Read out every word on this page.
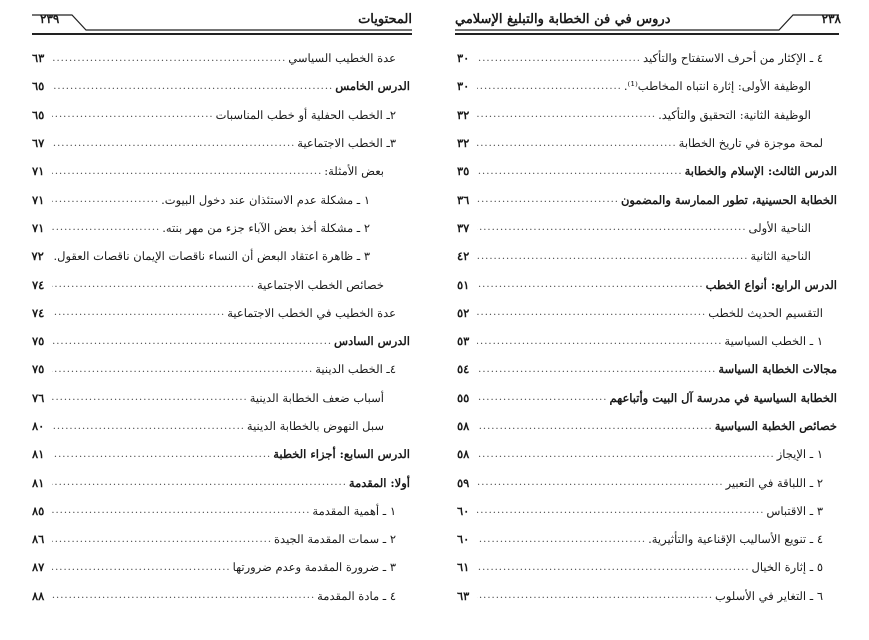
٢٣٩	المحتويات
عدة الخطيب السياسي
.....
٦٣
الدرس الخامس
.....
٦٥
٢ـ الخطب الحفلية أو خطب المناسبات
.....
٦٥
٣ـ الخطب الاجتماعية
.....
٦٧
بعض الأمثلة:
.....
٧١
١ ـ مشكلة عدم الاستئذان عند دخول البيوت.
.....
٧١
٢ ـ مشكلة أخذ بعض الآباء جزء من مهر بنته.
.....
٧١
٣ ـ ظاهرة اعتقاد البعض أن النساء ناقصات الإيمان ناقصات العقول.
٧٢
خصائص الخطب الاجتماعية
.....
٧٤
عدة الخطيب في الخطب الاجتماعية
.....
٧٤
الدرس السادس
.....
٧٥
٤ـ الخطب الدينية
.....
٧٥
أسباب ضعف الخطابة الدينية
.....
٧٦
سبل النهوض بالخطابة الدينية
.....
٨٠
الدرس السابع: أجزاء الخطبة
.....
٨١
أولا: المقدمة
.....
٨١
١ ـ أهمية المقدمة
.....
٨٥
٢ ـ سمات المقدمة الجيدة
.....
٨٦
٣ ـ ضرورة المقدمة وعدم ضرورتها
.....
٨٧
٤ ـ مادة المقدمة
.....
٨٨
٢٣٨
دروس في فن الخطابة والتبليغ الإسلامي
٤ ـ الإكثار من أحرف الاستفتاح والتأكيد
.....
٣٠
الوظيفة الأولى: إثارة انتباه المخاطب⁽¹⁾.
.....
٣٠
الوظيفة الثانية: التحقيق والتأكيد.
.....
٣٢
لمحة موجزة في تاريخ الخطابة
.....
٣٢
الدرس الثالث: الإسلام والخطابة
.....
٣٥
الخطابة الحسينية، تطور الممارسة والمضمون
.....
٣٦
الناحية الأولى
.....
٣٧
الناحية الثانية
.....
٤٢
الدرس الرابع: أنواع الخطب
.....
٥١
التقسيم الحديث للخطب
.....
٥٢
١ ـ الخطب السياسية
.....
٥٣
مجالات الخطابة السياسة
.....
٥٤
الخطابة السياسية في مدرسة آل البيت وأتباعهم
.....
٥٥
خصائص الخطبة السياسية
.....
٥٨
١ ـ الإيجاز
.....
٥٨
٢ ـ اللباقة في التعبير
.....
٥٩
٣ ـ الاقتباس
.....
٦٠
٤ ـ تنويع الأساليب الإقناعية والتأثيرية.
.....
٦٠
٥ ـ إثارة الخيال
.....
٦١
٦ ـ التغاير في الأسلوب
.....
٦٣
